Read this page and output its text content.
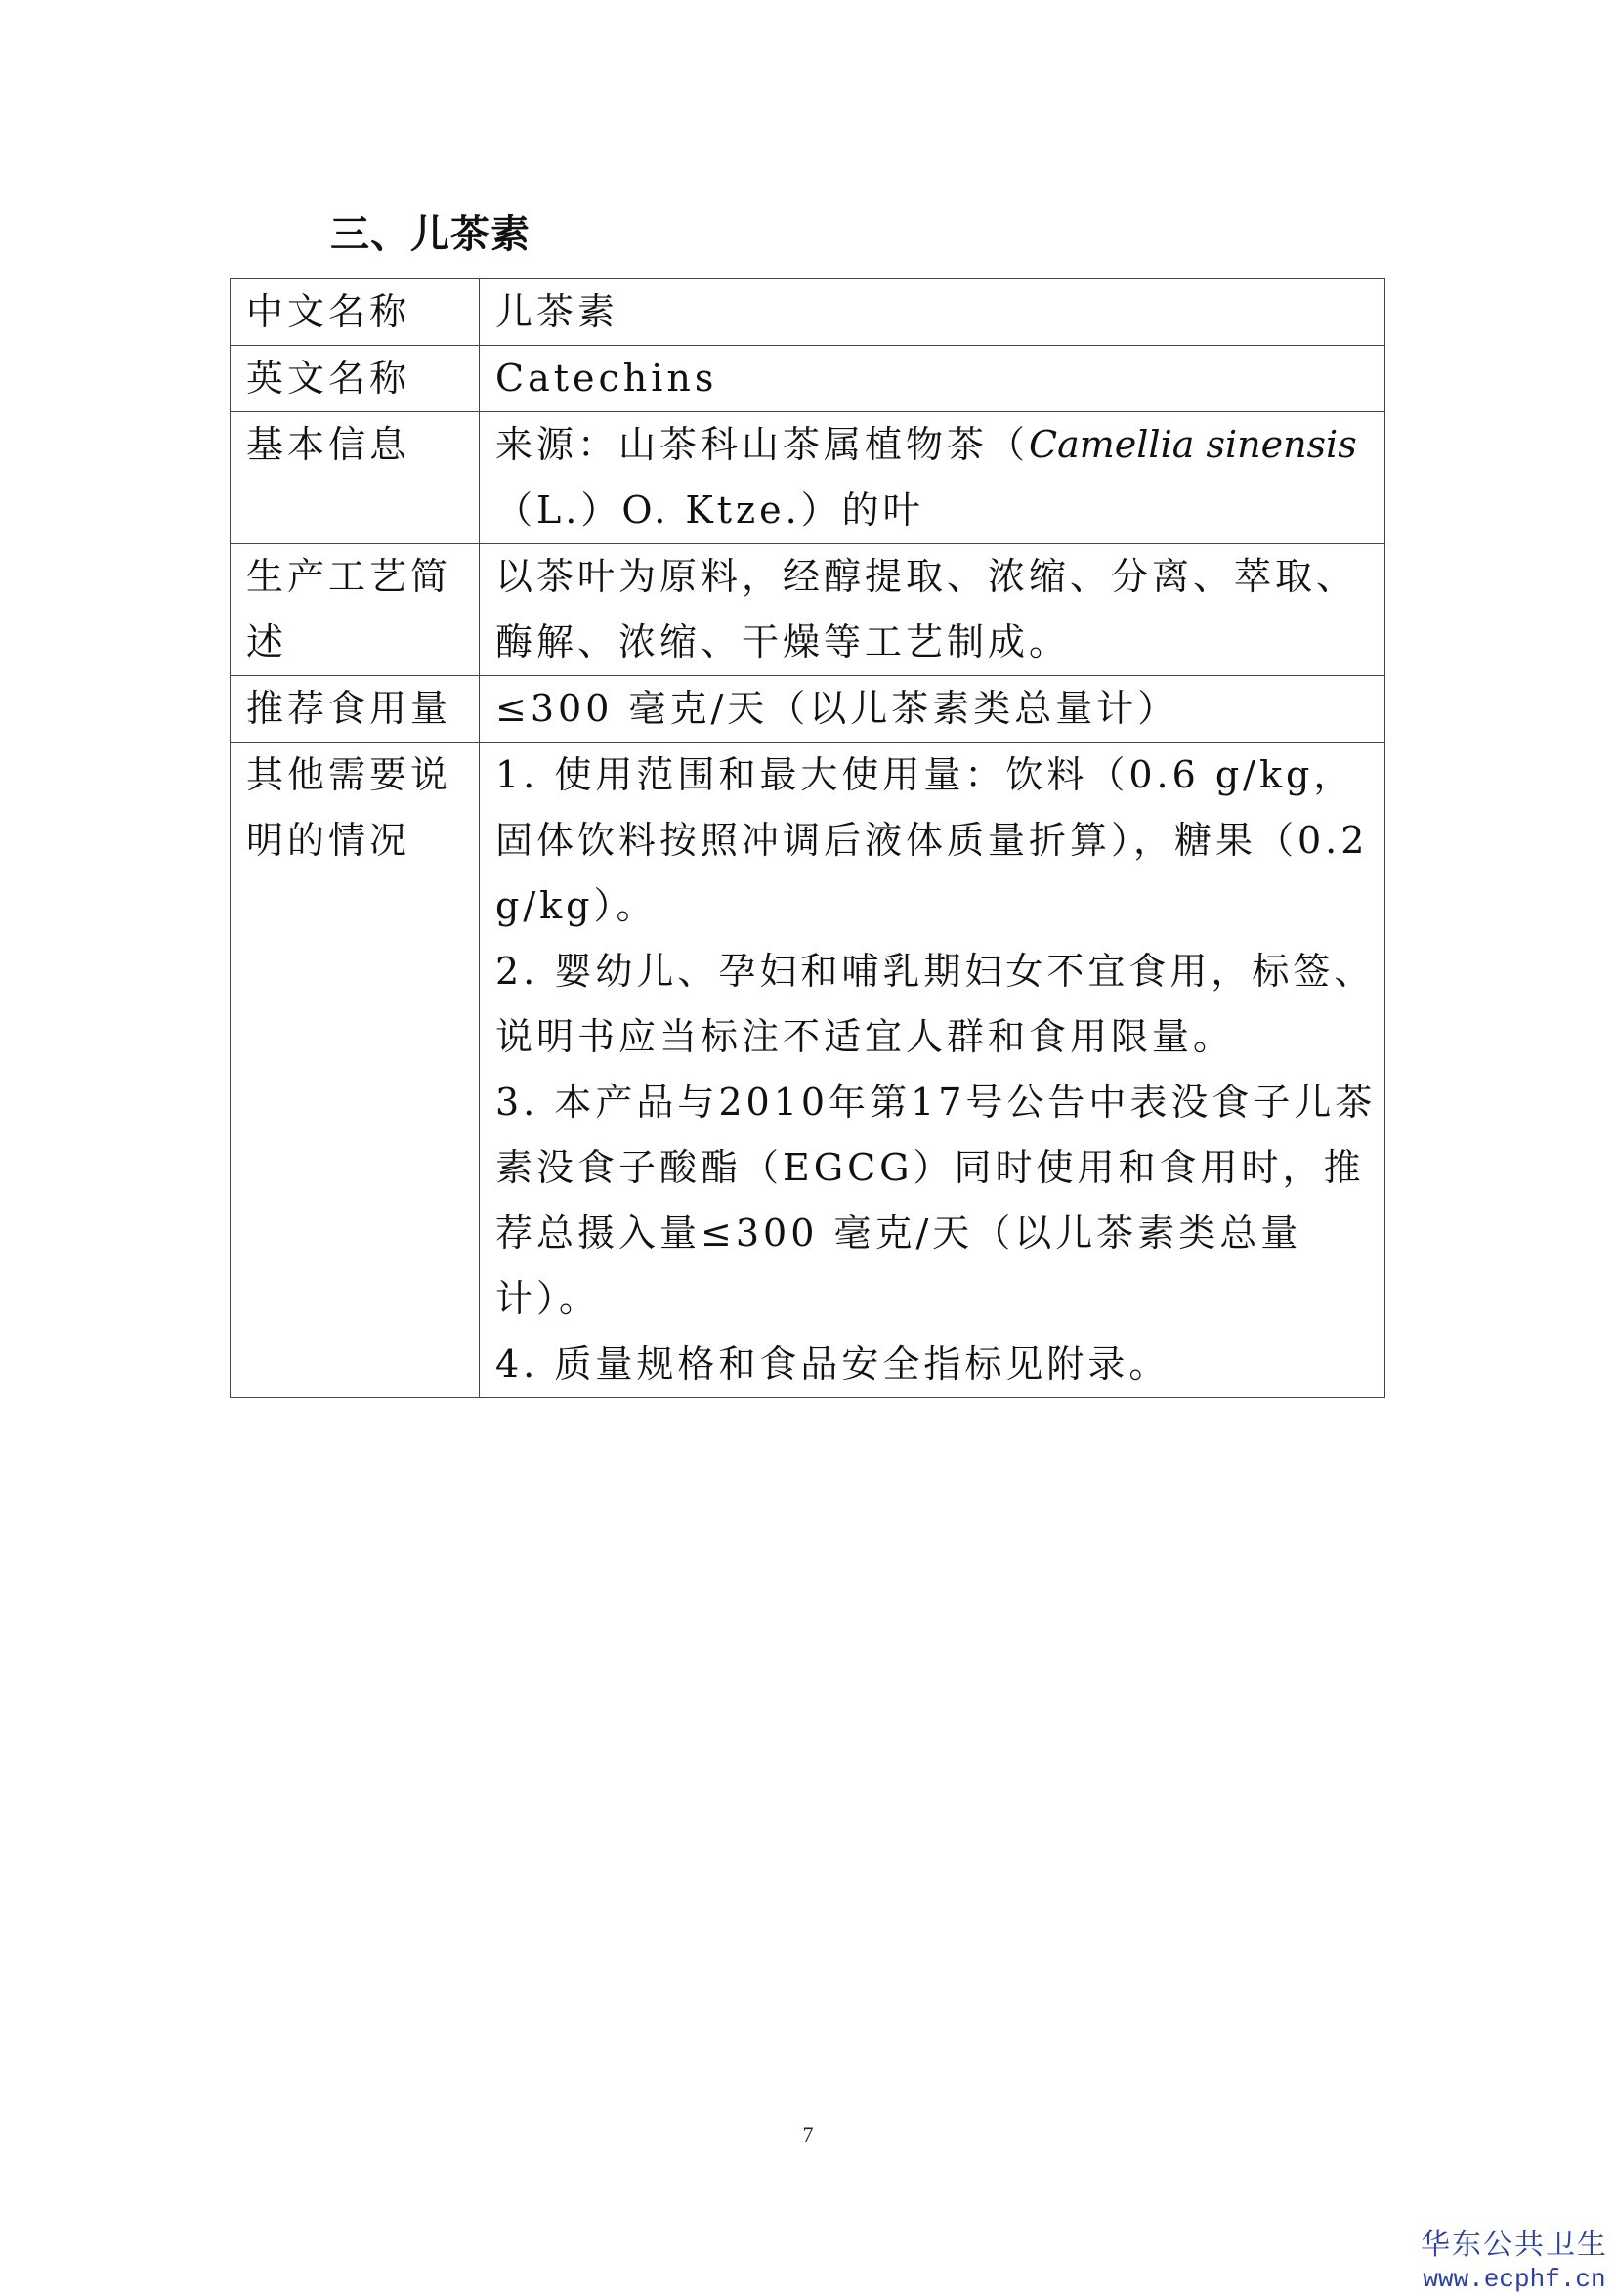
三、儿茶素
中文名称	儿茶素
英文名称	Catechins
基本信息	来源：山茶科山茶属植物茶（Camellia sinensis（L.）O. Ktze.）的叶
生产工艺简述	以茶叶为原料，经醇提取、浓缩、分离、萃取、酶解、浓缩、干燥等工艺制成。
推荐食用量	≤300 毫克/天（以儿茶素类总量计）
其他需要说明的情况	1. 使用范围和最大使用量：饮料（0.6 g/kg，固体饮料按照冲调后液体质量折算），糖果（0.2 g/kg）。
2. 婴幼儿、孕妇和哺乳期妇女不宜食用，标签、说明书应当标注不适宜人群和食用限量。
3. 本产品与2010年第17号公告中表没食子儿茶素没食子酸酯（EGCG）同时使用和食用时，推荐总摄入量≤300 毫克/天（以儿茶素类总量计）。
4. 质量规格和食品安全指标见附录。
7
华东公共卫生
www.ecphf.cn
